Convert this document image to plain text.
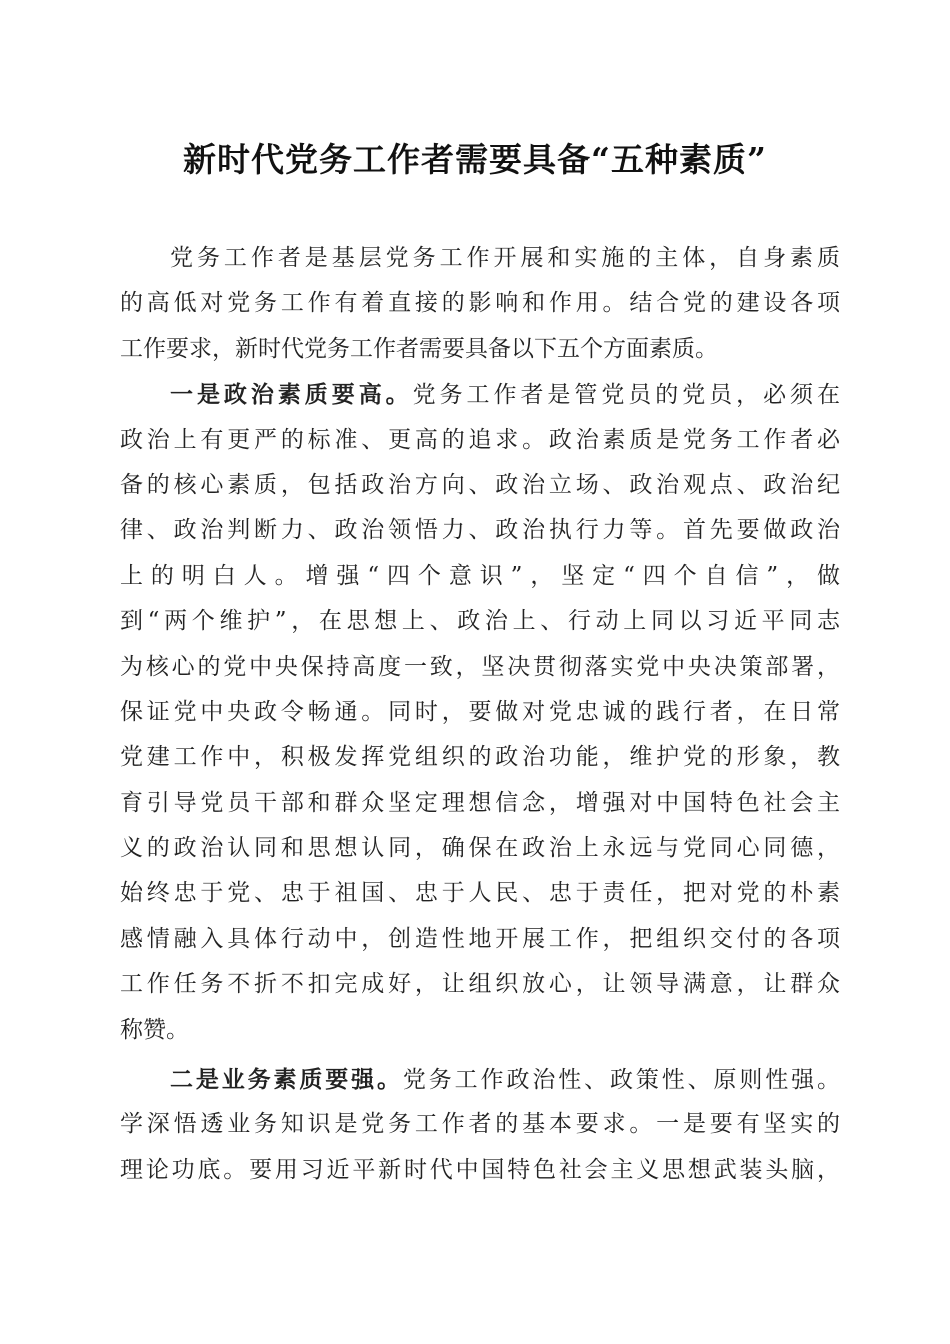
新时代党务工作者需要具备“五种素质”
党务工作者是基层党务工作开展和实施的主体，自身素质
的高低对党务工作有着直接的影响和作用。结合党的建设各项
工作要求，新时代党务工作者需要具备以下五个方面素质。
一是政治素质要高。党务工作者是管党员的党员，必须在
政治上有更严的标准、更高的追求。政治素质是党务工作者必
备的核心素质，包括政治方向、政治立场、政治观点、政治纪
律、政治判断力、政治领悟力、政治执行力等。首先要做政治
上的明白人。增强“四个意识”，坚定“四个自信”，做
到“两个维护”，在思想上、政治上、行动上同以习近平同志
为核心的党中央保持高度一致，坚决贯彻落实党中央决策部署，
保证党中央政令畅通。同时，要做对党忠诚的践行者，在日常
党建工作中，积极发挥党组织的政治功能，维护党的形象，教
育引导党员干部和群众坚定理想信念，增强对中国特色社会主
义的政治认同和思想认同，确保在政治上永远与党同心同德，
始终忠于党、忠于祖国、忠于人民、忠于责任，把对党的朴素
感情融入具体行动中，创造性地开展工作，把组织交付的各项
工作任务不折不扣完成好，让组织放心，让领导满意，让群众
称赞。
二是业务素质要强。党务工作政治性、政策性、原则性强。
学深悟透业务知识是党务工作者的基本要求。一是要有坚实的
理论功底。要用习近平新时代中国特色社会主义思想武装头脑，
